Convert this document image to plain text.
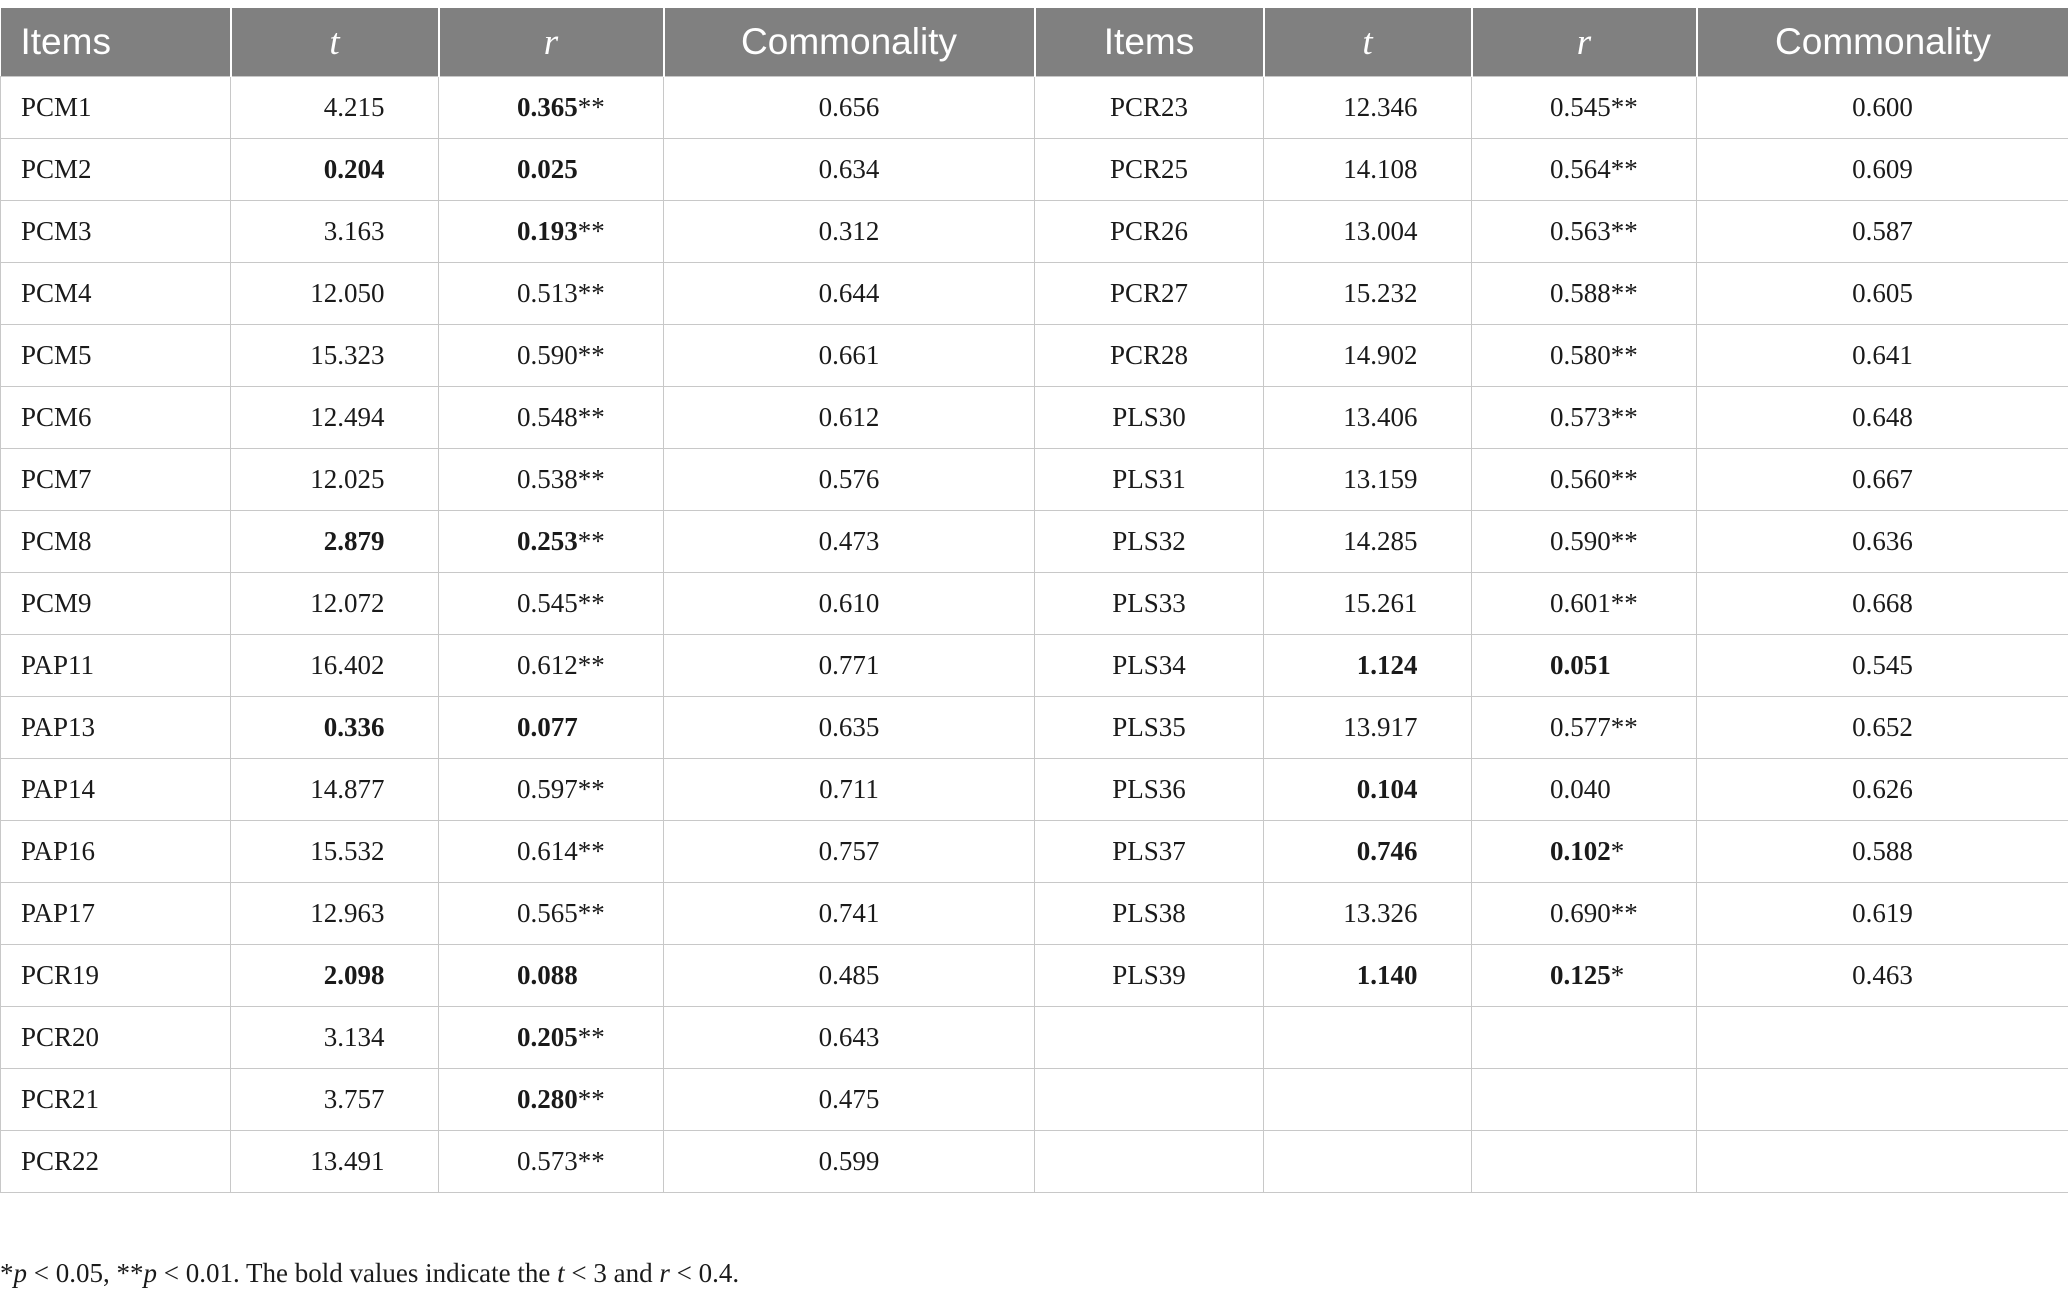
Items	t	r	Commonality	Items	t	r	Commonality
PCM1	4.215	0.365**	0.656	PCR23	12.346	0.545**	0.600
PCM2	0.204	0.025	0.634	PCR25	14.108	0.564**	0.609
PCM3	3.163	0.193**	0.312	PCR26	13.004	0.563**	0.587
PCM4	12.050	0.513**	0.644	PCR27	15.232	0.588**	0.605
PCM5	15.323	0.590**	0.661	PCR28	14.902	0.580**	0.641
PCM6	12.494	0.548**	0.612	PLS30	13.406	0.573**	0.648
PCM7	12.025	0.538**	0.576	PLS31	13.159	0.560**	0.667
PCM8	2.879	0.253**	0.473	PLS32	14.285	0.590**	0.636
PCM9	12.072	0.545**	0.610	PLS33	15.261	0.601**	0.668
PAP11	16.402	0.612**	0.771	PLS34	1.124	0.051	0.545
PAP13	0.336	0.077	0.635	PLS35	13.917	0.577**	0.652
PAP14	14.877	0.597**	0.711	PLS36	0.104	0.040	0.626
PAP16	15.532	0.614**	0.757	PLS37	0.746	0.102*	0.588
PAP17	12.963	0.565**	0.741	PLS38	13.326	0.690**	0.619
PCR19	2.098	0.088	0.485	PLS39	1.140	0.125*	0.463
PCR20	3.134	0.205**	0.643				
PCR21	3.757	0.280**	0.475				
PCR22	13.491	0.573**	0.599				
*p < 0.05, **p < 0.01. The bold values indicate the t < 3 and r < 0.4.
